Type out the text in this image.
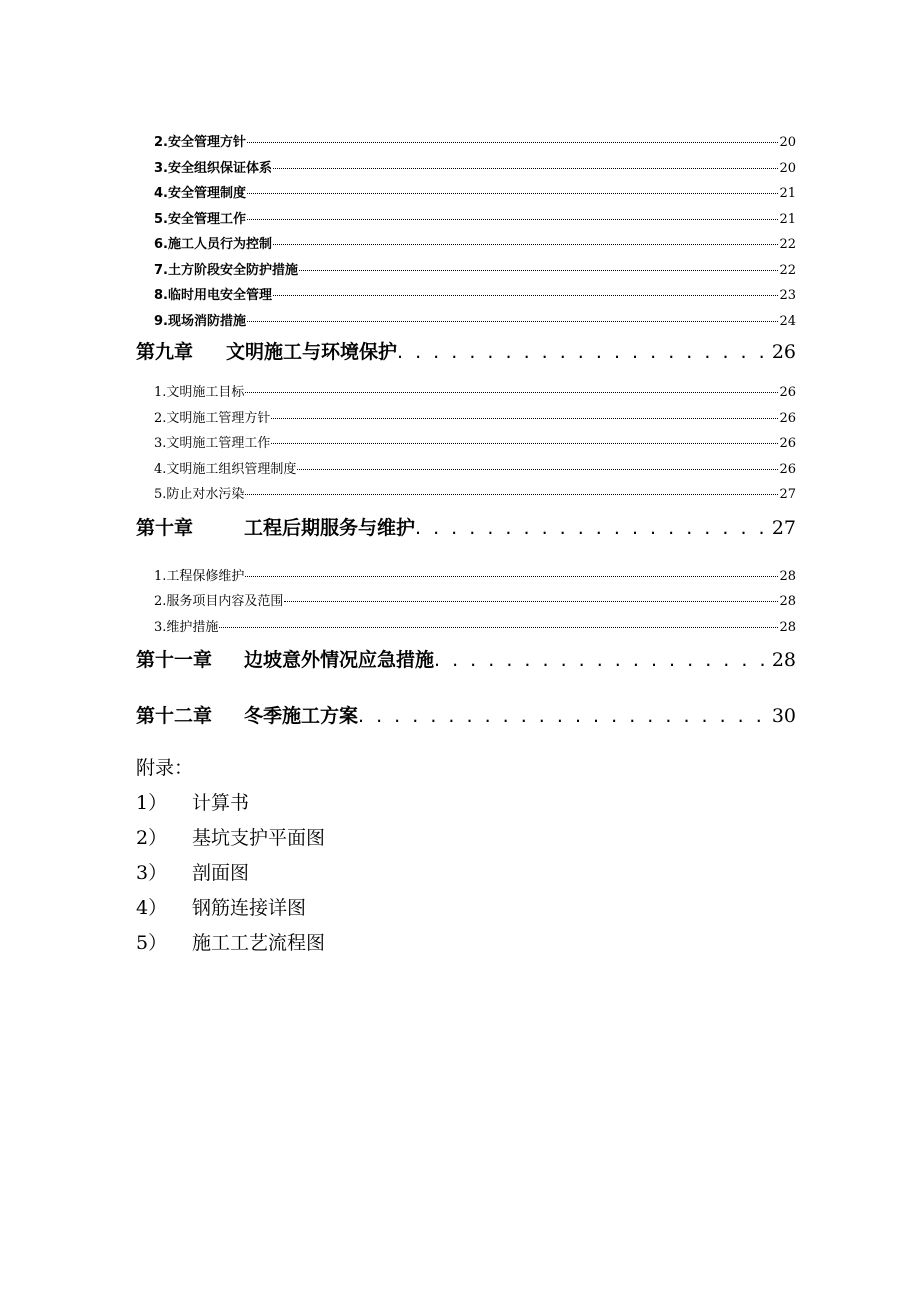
2.安全管理方针	20
3.安全组织保证体系	20
4.安全管理制度	21
5.安全管理工作	21
6.施工人员行为控制	22
7.土方阶段安全防护措施	22
8.临时用电安全管理	23
9.现场消防措施	24
第九章 文明施工与环境保护 . . .	26
1.文明施工目标	26
2.文明施工管理方针	26
3.文明施工管理工作	26
4.文明施工组织管理制度	26
5.防止对水污染	27
第十章	工程后期服务与维护 . . .	27
1.工程保修维护	28
2.服务项目内容及范围	28
3.维护措施	28
第十一章 边坡意外情况应急措施 . . .	28
第十二章 冬季施工方案 . . .	30
附录：
1）	计算书
2）	基坑支护平面图
3）	剖面图
4）	钢筋连接详图
5）	施工工艺流程图
